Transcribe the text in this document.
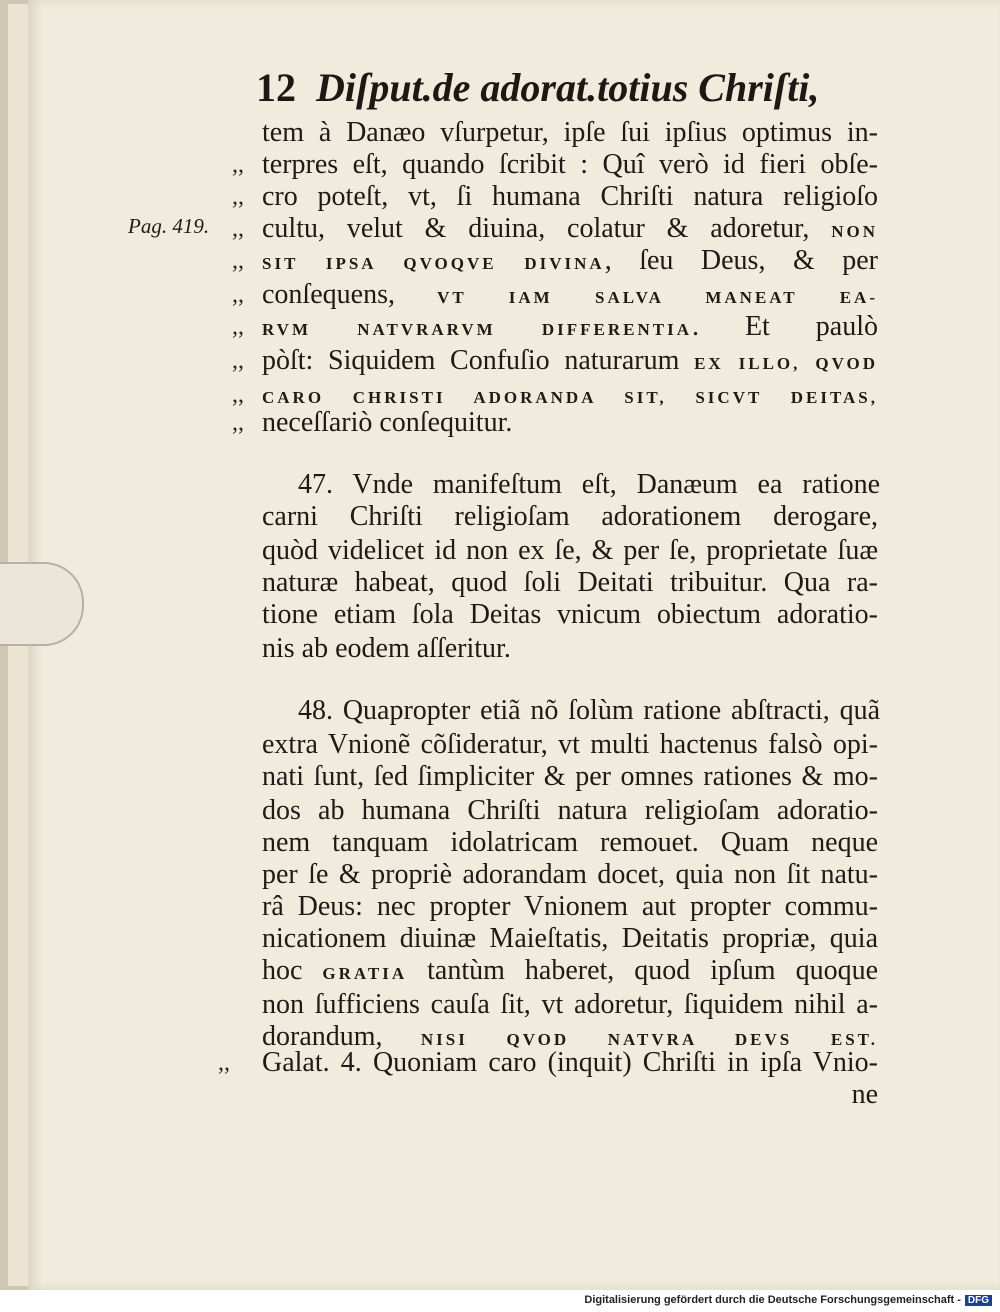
12 Diſput.de adorat.totius Chriſti,
Pag. 419.
tem à Danæo vſurpetur, ipſe ſui ipſius optimus in-
terpres eſt, quando ſcribit : Quî verò id fieri obſe-
,,
cro poteſt, vt, ſi humana Chriſti natura religioſo
,,
cultu, velut & diuina, colatur & adoretur, NON
,,
SIT IPSA QVOQVE DIVINA, ſeu Deus, & per
,,
conſequens, VT IAM SALVA MANEAT EA-
,,
RVM NATVRARVM DIFFERENTIA. Et paulò
,,
pòſt: Siquidem Confuſio naturarum EX ILLO, QVOD
,,
CARO CHRISTI ADORANDA SIT, SICVT DEITAS,
,,
neceſſariò conſequitur.
,,
47. Vnde manifeſtum eſt, Danæum ea ratione
carni Chriſti religioſam adorationem derogare,
quòd videlicet id non ex ſe, & per ſe, proprietate ſuæ
naturæ habeat, quod ſoli Deitati tribuitur. Qua ra-
tione etiam ſola Deitas vnicum obiectum adoratio-
nis ab eodem aſſeritur.
48. Quapropter etiã nõ ſolùm ratione abſtracti, quã
extra Vnionẽ cõſideratur, vt multi hactenus falsò opi-
nati ſunt, ſed ſimpliciter & per omnes rationes & mo-
dos ab humana Chriſti natura religioſam adoratio-
nem tanquam idolatricam remouet. Quam neque
per ſe & propriè adorandam docet, quia non ſit natu-
râ Deus: nec propter Vnionem aut propter commu-
nicationem diuinæ Maieſtatis, Deitatis propriæ, quia
hoc GRATIA tantùm haberet, quod ipſum quoque
non ſufficiens cauſa ſit, vt adoretur, ſiquidem nihil a-
dorandum, NISI QVOD NATVRA DEVS EST.
Galat. 4. Quoniam caro (inquit) Chriſti in ipſa Vnio-
,,
ne
Digitalisierung gefördert durch die Deutsche Forschungsgemeinschaft - DFG
